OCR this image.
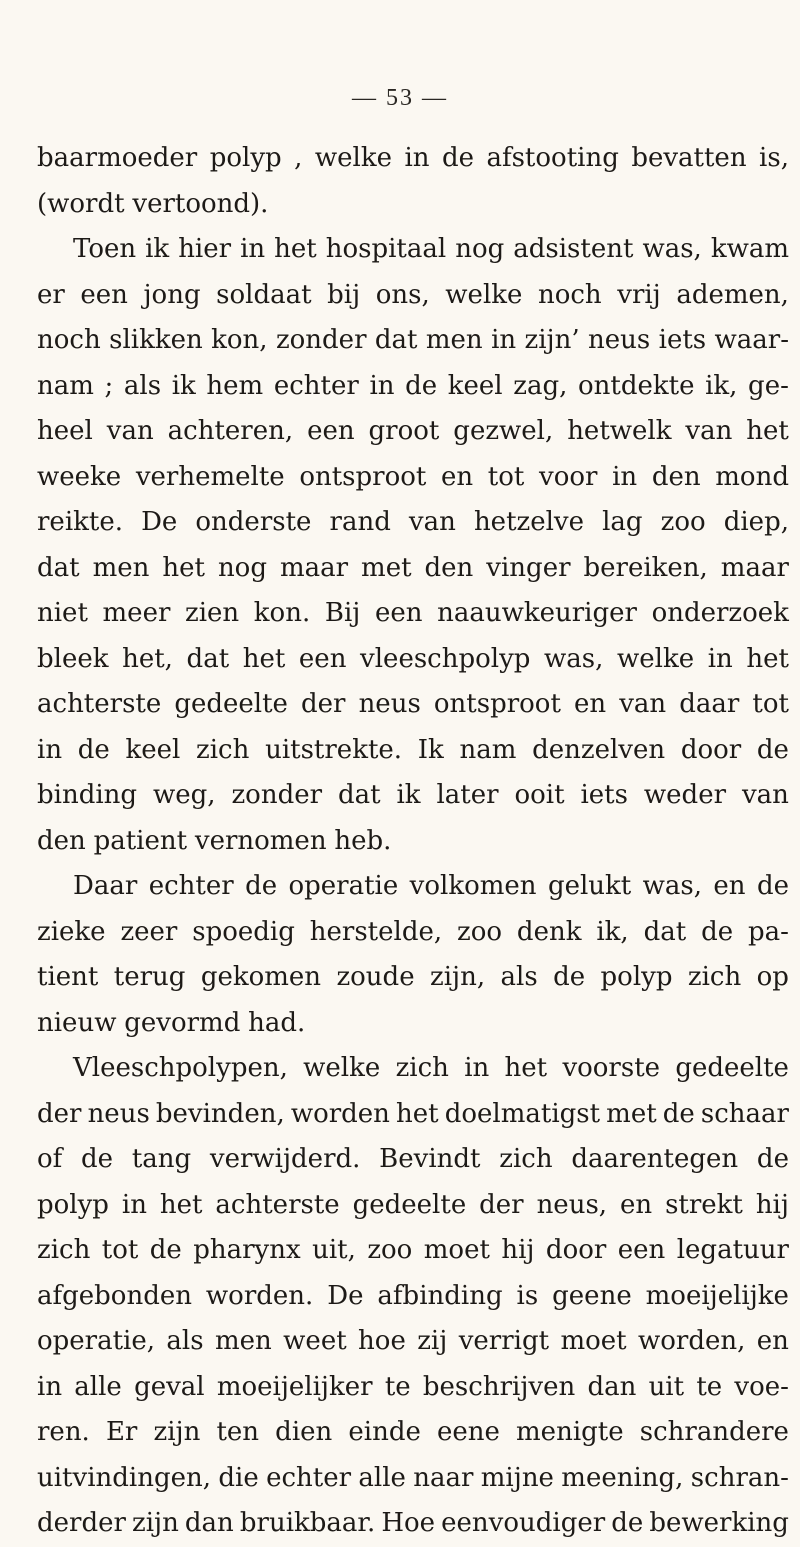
— 53 —
baarmoeder polyp , welke in de afstooting bevatten is,
(wordt vertoond).
Toen ik hier in het hospitaal nog adsistent was, kwam
er een jong soldaat bij ons, welke noch vrij ademen,
noch slikken kon, zonder dat men in zijn’ neus iets waar-
nam ; als ik hem echter in de keel zag, ontdekte ik, ge-
heel van achteren, een groot gezwel, hetwelk van het
weeke verhemelte ontsproot en tot voor in den mond
reikte. De onderste rand van hetzelve lag zoo diep,
dat men het nog maar met den vinger bereiken, maar
niet meer zien kon. Bij een naauwkeuriger onderzoek
bleek het, dat het een vleeschpolyp was, welke in het
achterste gedeelte der neus ontsproot en van daar tot
in de keel zich uitstrekte. Ik nam denzelven door de
binding weg, zonder dat ik later ooit iets weder van
den patient vernomen heb.
Daar echter de operatie volkomen gelukt was, en de
zieke zeer spoedig herstelde, zoo denk ik, dat de pa-
tient terug gekomen zoude zijn, als de polyp zich op
nieuw gevormd had.
Vleeschpolypen, welke zich in het voorste gedeelte
der neus bevinden, worden het doelmatigst met de schaar
of de tang verwijderd. Bevindt zich daarentegen de
polyp in het achterste gedeelte der neus, en strekt hij
zich tot de pharynx uit, zoo moet hij door een legatuur
afgebonden worden. De afbinding is geene moeijelijke
operatie, als men weet hoe zij verrigt moet worden, en
in alle geval moeijelijker te beschrijven dan uit te voe-
ren. Er zijn ten dien einde eene menigte schrandere
uitvindingen, die echter alle naar mijne meening, schran-
derder zijn dan bruikbaar. Hoe eenvoudiger de bewerking
